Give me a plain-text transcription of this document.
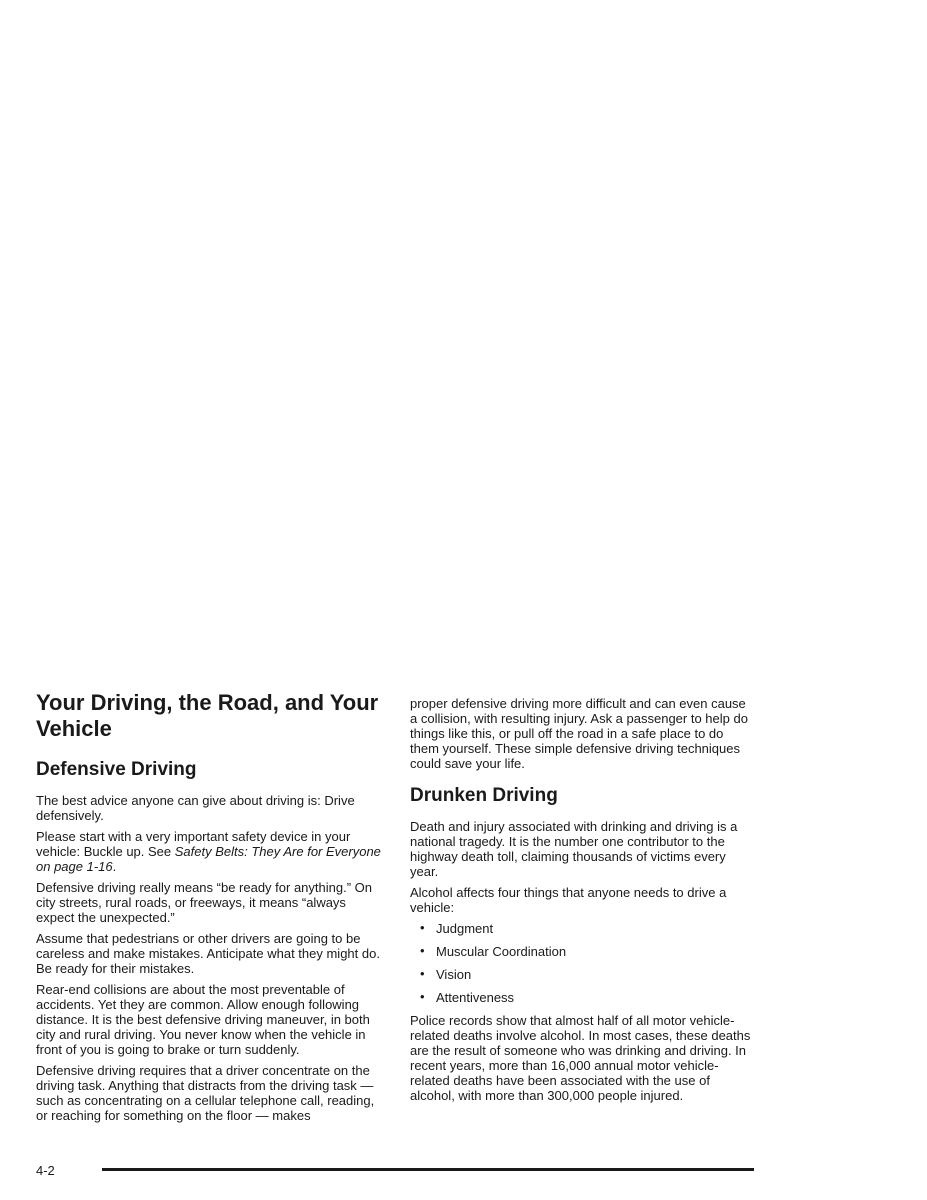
Your Driving, the Road, and Your Vehicle
Defensive Driving

The best advice anyone can give about driving is: Drive defensively.

Please start with a very important safety device in your vehicle: Buckle up. See Safety Belts: They Are for Everyone on page 1-16.

Defensive driving really means “be ready for anything.” On city streets, rural roads, or freeways, it means “always expect the unexpected.”

Assume that pedestrians or other drivers are going to be careless and make mistakes. Anticipate what they might do. Be ready for their mistakes.

Rear-end collisions are about the most preventable of accidents. Yet they are common. Allow enough following distance. It is the best defensive driving maneuver, in both city and rural driving. You never know when the vehicle in front of you is going to brake or turn suddenly.

Defensive driving requires that a driver concentrate on the driving task. Anything that distracts from the driving task — such as concentrating on a cellular telephone call, reading, or reaching for something on the floor — makes

proper defensive driving more difficult and can even cause a collision, with resulting injury. Ask a passenger to help do things like this, or pull off the road in a safe place to do them yourself. These simple defensive driving techniques could save your life.

Drunken Driving

Death and injury associated with drinking and driving is a national tragedy. It is the number one contributor to the highway death toll, claiming thousands of victims every year.

Alcohol affects four things that anyone needs to drive a vehicle:

• Judgment
• Muscular Coordination
• Vision
• Attentiveness

Police records show that almost half of all motor vehicle-related deaths involve alcohol. In most cases, these deaths are the result of someone who was drinking and driving. In recent years, more than 16,000 annual motor vehicle-related deaths have been associated with the use of alcohol, with more than 300,000 people injured.

4-2
